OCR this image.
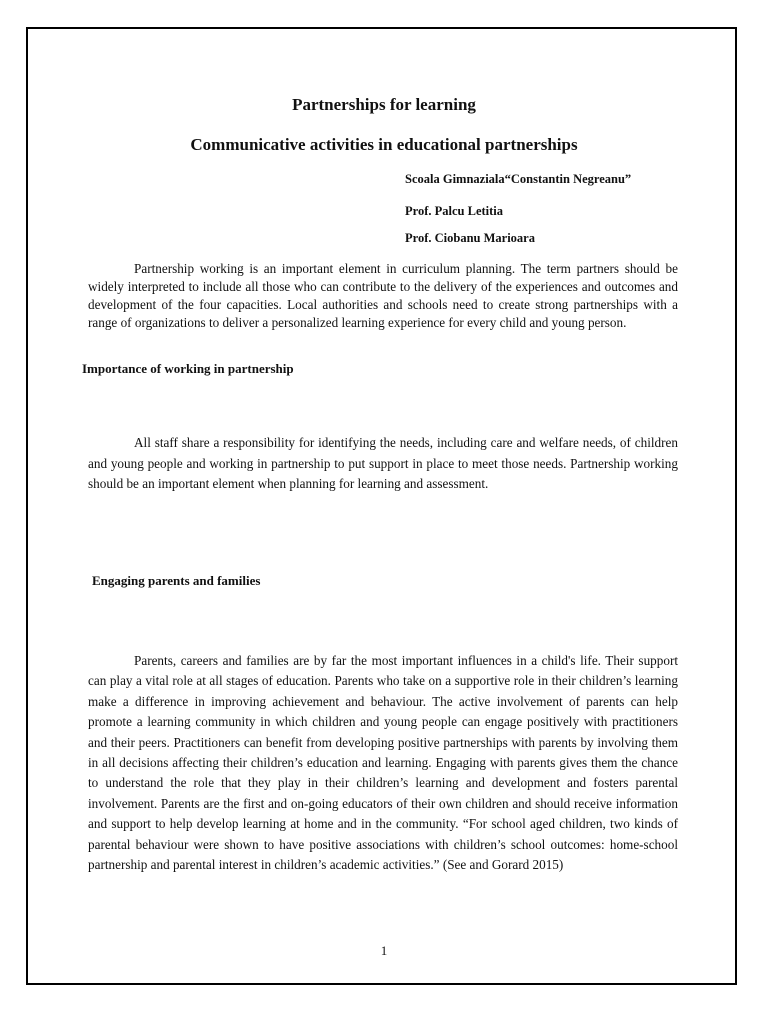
Partnerships for learning
Communicative activities in educational partnerships

Scoala Gimnaziala“Constantin Negreanu”

Prof. Palcu Letitia

Prof. Ciobanu Marioara

Partnership working is an important element in curriculum planning. The term partners should be widely interpreted to include all those who can contribute to the delivery of the experiences and outcomes and development of the four capacities. Local authorities and schools need to create strong partnerships with a range of organizations to deliver a personalized learning experience for every child and young person.

Importance of working in partnership

All staff share a responsibility for identifying the needs, including care and welfare needs, of children and young people and working in partnership to put support in place to meet those needs. Partnership working should be an important element when planning for learning and assessment.

Engaging parents and families

Parents, careers and families are by far the most important influences in a child's life. Their support can play a vital role at all stages of education. Parents who take on a supportive role in their children’s learning make a difference in improving achievement and behaviour. The active involvement of parents can help promote a learning community in which children and young people can engage positively with practitioners and their peers. Practitioners can benefit from developing positive partnerships with parents by involving them in all decisions affecting their children’s education and learning. Engaging with parents gives them the chance to understand the role that they play in their children’s learning and development and fosters parental involvement. Parents are the first and on-going educators of their own children and should receive information and support to help develop learning at home and in the community. “For school aged children, two kinds of parental behaviour were shown to have positive associations with children’s school outcomes: home-school partnership and parental interest in children’s academic activities.” (See and Gorard 2015)

1
